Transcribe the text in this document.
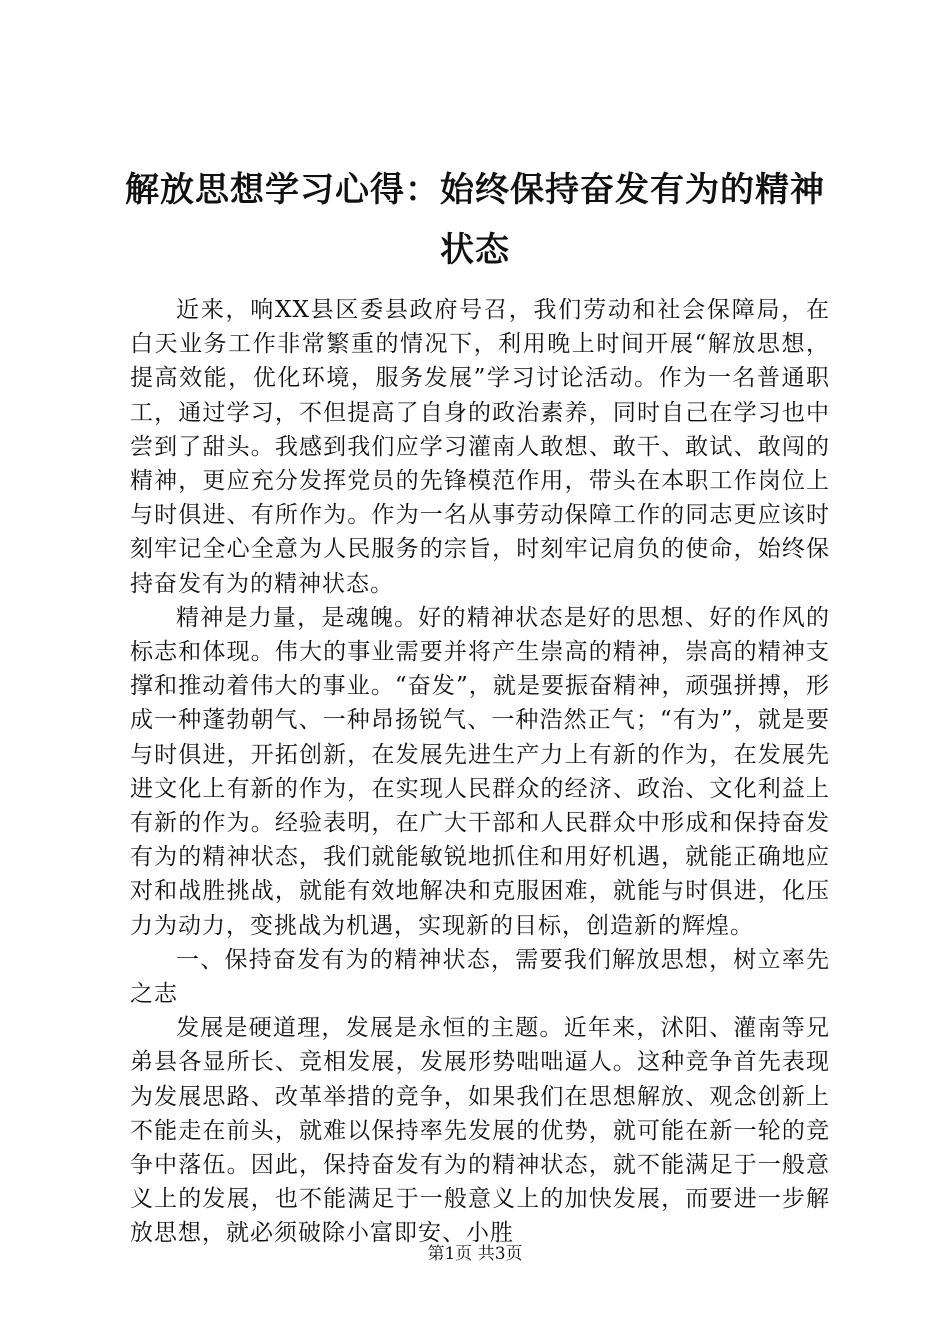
解放思想学习心得：始终保持奋发有为的精神状态

近来，响XX县区委县政府号召，我们劳动和社会保障局，在白天业务工作非常繁重的情况下，利用晚上时间开展“解放思想，提高效能，优化环境，服务发展”学习讨论活动。作为一名普通职工，通过学习，不但提高了自身的政治素养，同时自己在学习也中尝到了甜头。我感到我们应学习灌南人敢想、敢干、敢试、敢闯的精神，更应充分发挥党员的先锋模范作用，带头在本职工作岗位上与时俱进、有所作为。作为一名从事劳动保障工作的同志更应该时刻牢记全心全意为人民服务的宗旨，时刻牢记肩负的使命，始终保持奋发有为的精神状态。

精神是力量，是魂魄。好的精神状态是好的思想、好的作风的标志和体现。伟大的事业需要并将产生崇高的精神，崇高的精神支撑和推动着伟大的事业。“奋发”，就是要振奋精神，顽强拼搏，形成一种蓬勃朝气、一种昂扬锐气、一种浩然正气；“有为”，就是要与时俱进，开拓创新，在发展先进生产力上有新的作为，在发展先进文化上有新的作为，在实现人民群众的经济、政治、文化利益上有新的作为。经验表明，在广大干部和人民群众中形成和保持奋发有为的精神状态，我们就能敏锐地抓住和用好机遇，就能正确地应对和战胜挑战，就能有效地解决和克服困难，就能与时俱进，化压力为动力，变挑战为机遇，实现新的目标，创造新的辉煌。

一、保持奋发有为的精神状态，需要我们解放思想，树立率先之志

发展是硬道理，发展是永恒的主题。近年来，沭阳、灌南等兄弟县各显所长、竞相发展，发展形势咄咄逼人。这种竞争首先表现为发展思路、改革举措的竞争，如果我们在思想解放、观念创新上不能走在前头，就难以保持率先发展的优势，就可能在新一轮的竞争中落伍。因此，保持奋发有为的精神状态，就不能满足于一般意义上的发展，也不能满足于一般意义上的加快发展，而要进一步解放思想，就必须破除小富即安、小胜

第1页 共3页
